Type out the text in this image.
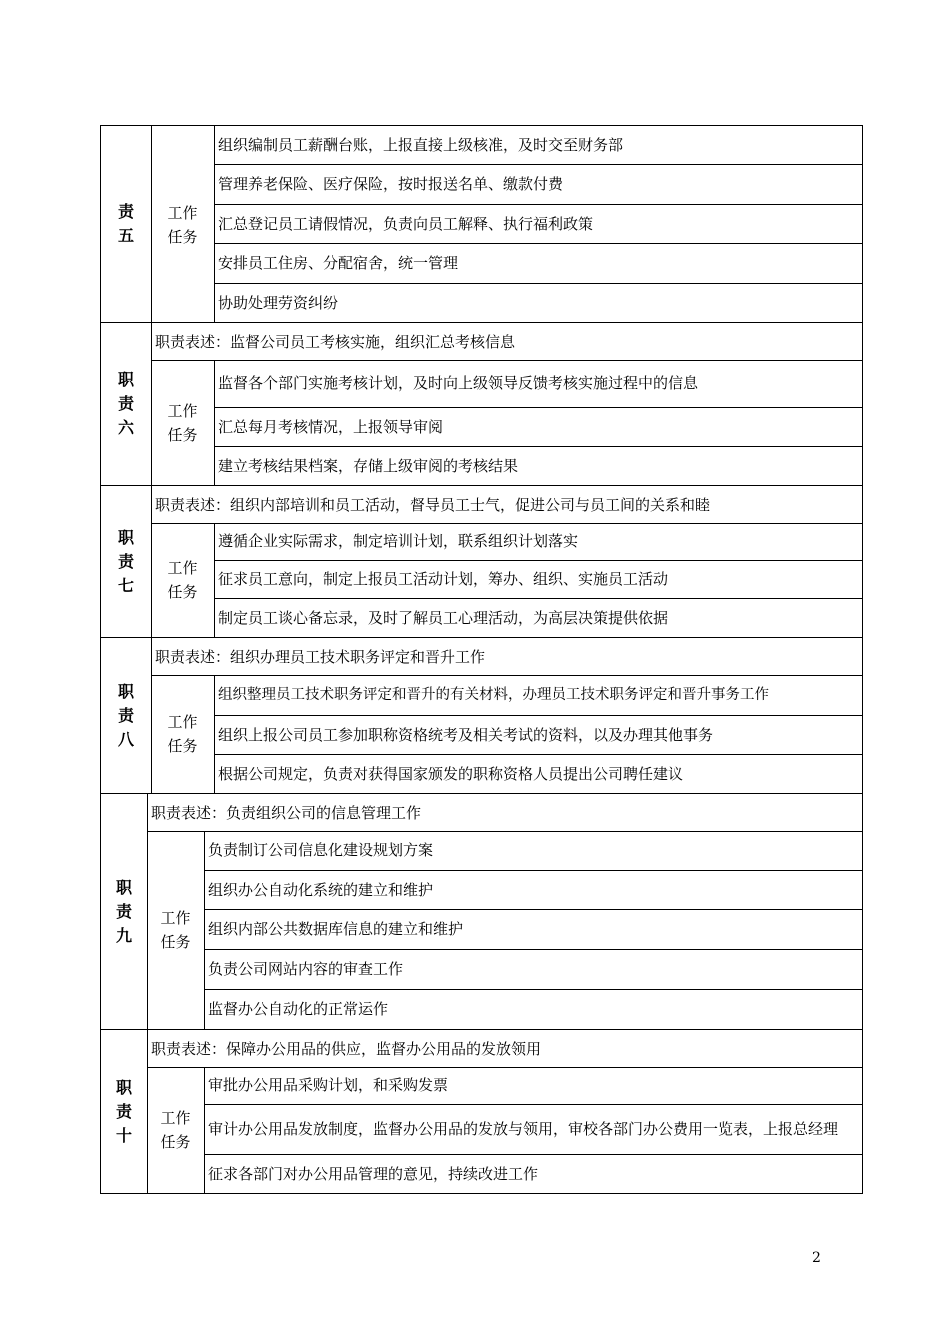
责五
工作任务
组织编制员工薪酬台账，上报直接上级核准，及时交至财务部
管理养老保险、医疗保险，按时报送名单、缴款付费
汇总登记员工请假情况，负责向员工解释、执行福利政策
安排员工住房、分配宿舍，统一管理
协助处理劳资纠纷
职责六
职责表述： 监督公司员工考核实施，组织汇总考核信息
工作任务
监督各个部门实施考核计划，及时向上级领导反馈考核实施过程中的信息
汇总每月考核情况，上报领导审阅
建立考核结果档案，存储上级审阅的考核结果
职责七
职责表述： 组织内部培训和员工活动，督导员工士气，促进公司与员工间的关系和睦
工作任务
遵循企业实际需求，制定培训计划，联系组织计划落实
征求员工意向，制定上报员工活动计划，筹办、组织、实施员工活动
制定员工谈心备忘录，及时了解员工心理活动，为高层决策提供依据
职责八
职责表述： 组织办理员工技术职务评定和晋升工作
工作任务
组织整理员工技术职务评定和晋升的有关材料，办理员工技术职务评定和晋升事务工作
组织上报公司员工参加职称资格统考及相关考试的资料，以及办理其他事务
根据公司规定，负责对获得国家颁发的职称资格人员提出公司聘任建议
职责九
职责表述： 负责组织公司的信息管理工作
工作任务
负责制订公司信息化建设规划方案
组织办公自动化系统的建立和维护
组织内部公共数据库信息的建立和维护
负责公司网站内容的审查工作
监督办公自动化的正常运作
职责十
职责表述： 保障办公用品的供应，监督办公用品的发放领用
工作任务
审批办公用品采购计划，和采购发票
审计办公用品发放制度，监督办公用品的发放与领用，审校各部门办公费用一览表，上报总经理
征求各部门对办公用品管理的意见，持续改进工作
2
